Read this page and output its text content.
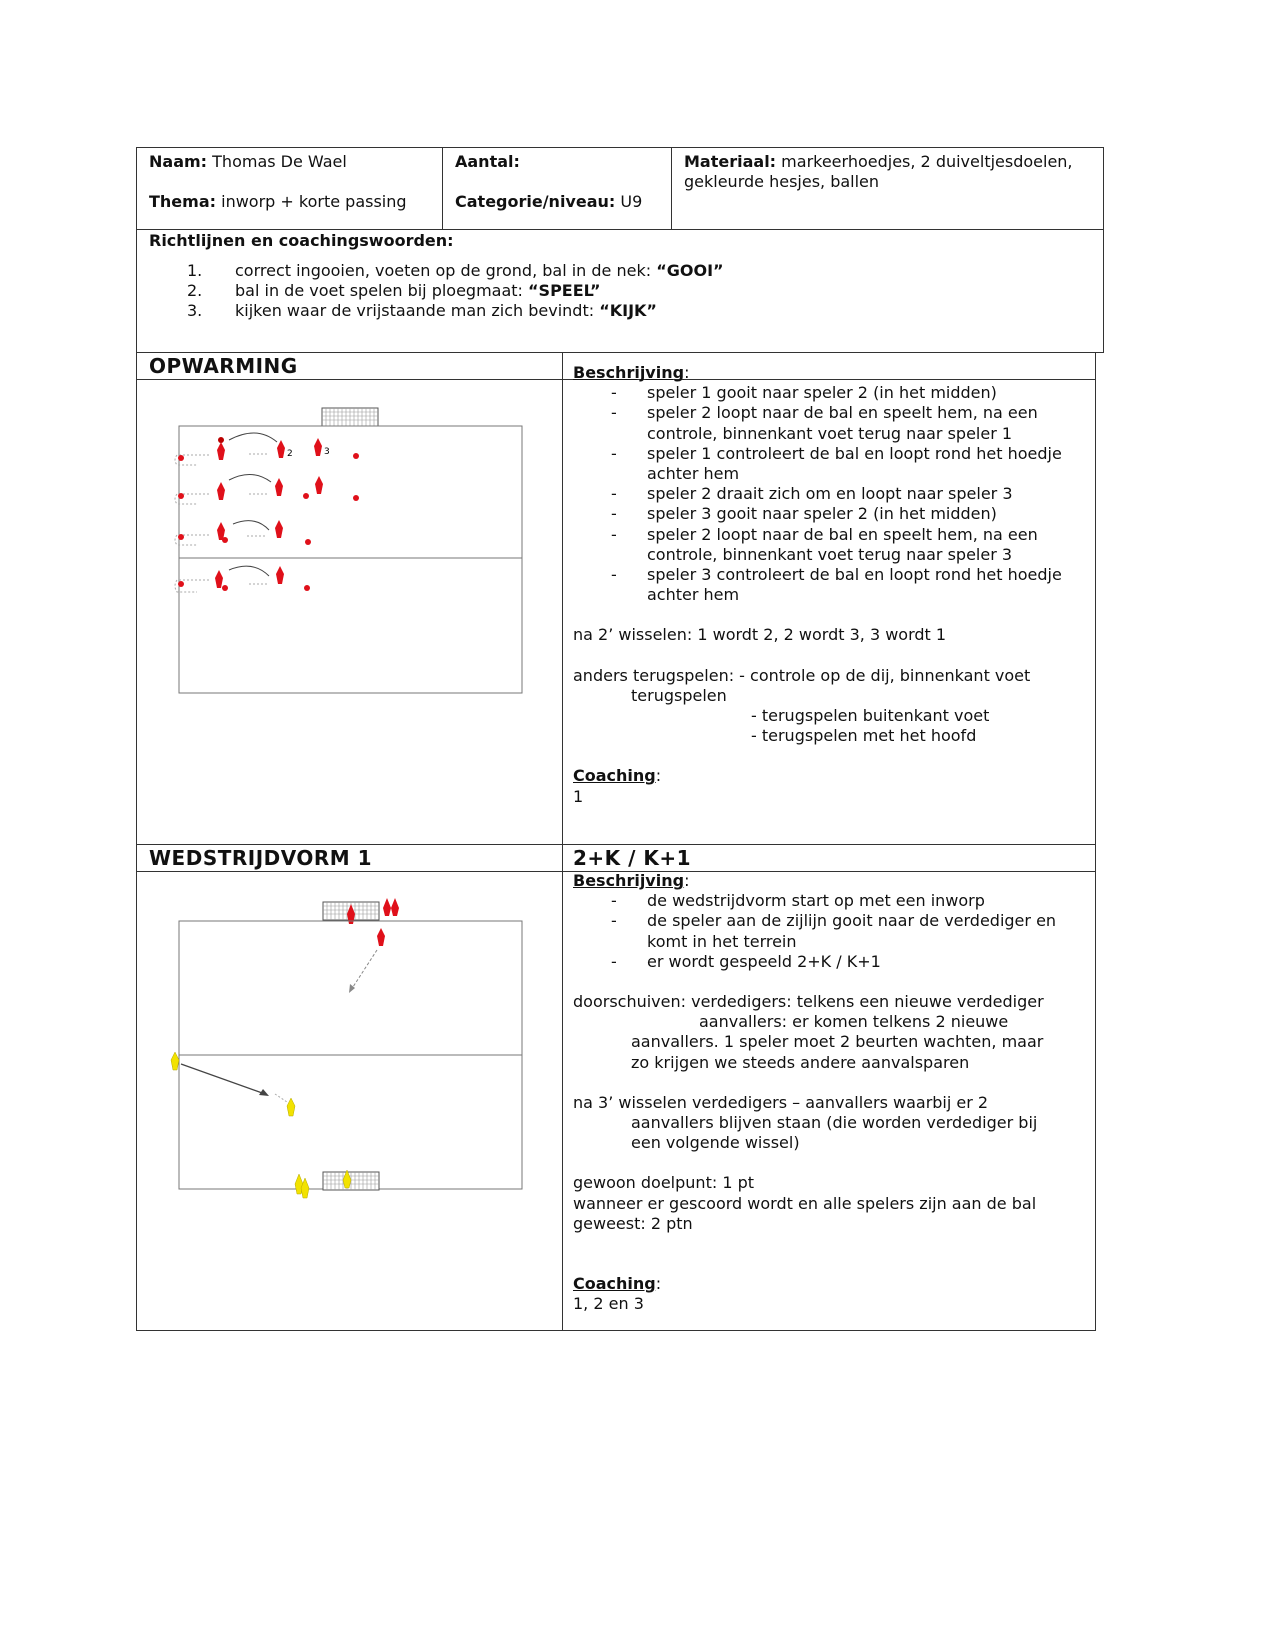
Naam: Thomas De Wael
Thema: inworp + korte passing
Aantal:
Categorie/niveau: U9
Materiaal: markeerhoedjes, 2 duiveltjesdoelen, gekleurde hesjes, ballen
Richtlijnen en coachingswoorden:
1. correct ingooien, voeten op de grond, bal in de nek: “GOOI”
2. bal in de voet spelen bij ploegmaat: “SPEEL”
3. kijken waar de vrijstaande man zich bevindt: “KIJK”
OPWARMING
2	3
Beschrijving:
- speler 1 gooit naar speler 2 (in het midden)
- speler 2 loopt naar de bal en speelt hem, na een controle, binnenkant voet terug naar speler 1
- speler 1 controleert de bal en loopt rond het hoedje achter hem
- speler 2 draait zich om en loopt naar speler 3
- speler 3 gooit naar speler 2 (in het midden)
- speler 2 loopt naar de bal en speelt hem, na een controle, binnenkant voet terug naar speler 3
- speler 3 controleert de bal en loopt rond het hoedje achter hem
na 2’ wisselen: 1 wordt 2, 2 wordt 3, 3 wordt 1
anders terugspelen: - controle op de dij, binnenkant voet
terugspelen
- terugspelen buitenkant voet
- terugspelen met het hoofd
Coaching:
1
WEDSTRIJDVORM 1	2+K / K+1
Beschrijving:
- de wedstrijdvorm start op met een inworp
- de speler aan de zijlijn gooit naar de verdediger en komt in het terrein
- er wordt gespeeld 2+K / K+1
doorschuiven: verdedigers: telkens een nieuwe verdediger
aanvallers: er komen telkens 2 nieuwe
aanvallers. 1 speler moet 2 beurten wachten, maar
zo krijgen we steeds andere aanvalsparen
na 3’ wisselen verdedigers – aanvallers waarbij er 2
aanvallers blijven staan (die worden verdediger bij
een volgende wissel)
gewoon doelpunt: 1 pt
wanneer er gescoord wordt en alle spelers zijn aan de bal
geweest: 2 ptn
Coaching:
1, 2 en 3
